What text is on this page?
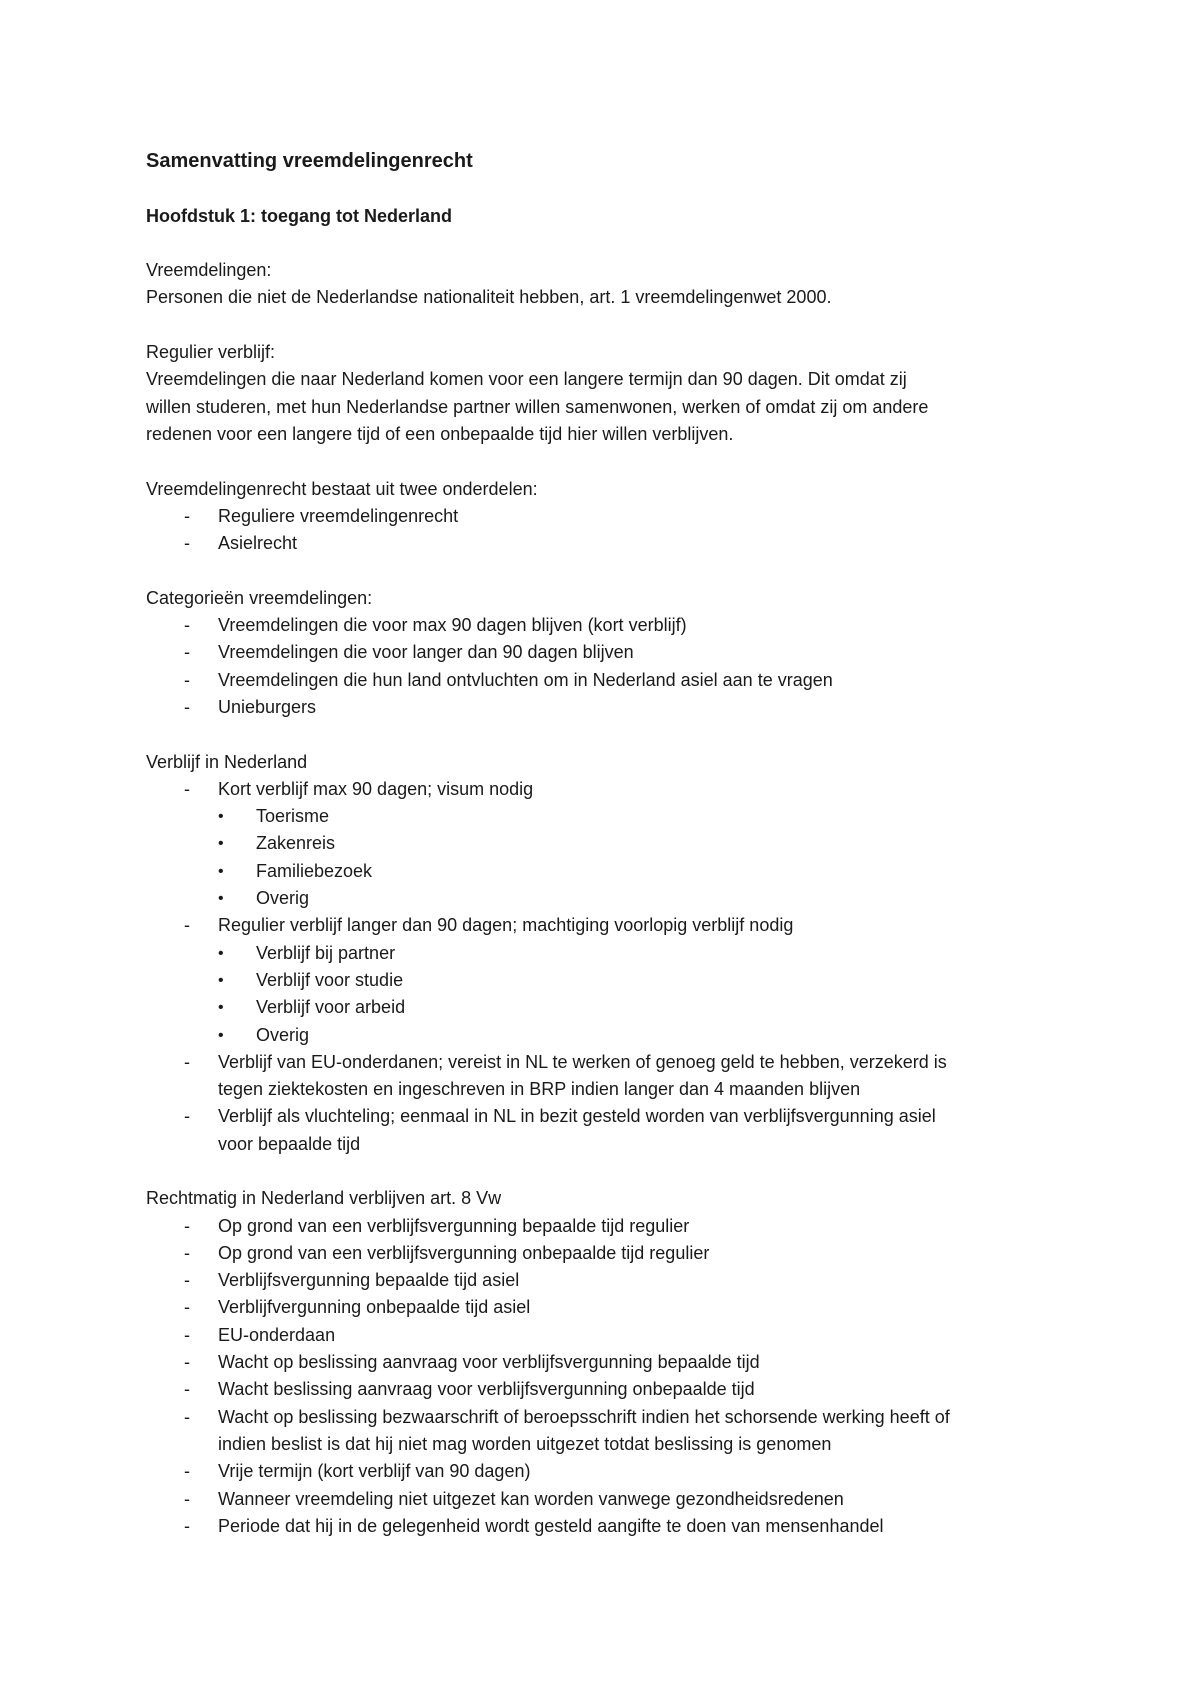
Samenvatting vreemdelingenrecht
Hoofdstuk 1: toegang tot Nederland
Vreemdelingen:
Personen die niet de Nederlandse nationaliteit hebben, art. 1 vreemdelingenwet 2000.
Regulier verblijf:
Vreemdelingen die naar Nederland komen voor een langere termijn dan 90 dagen. Dit omdat zij
willen studeren, met hun Nederlandse partner willen samenwonen, werken of omdat zij om andere
redenen voor een langere tijd of een onbepaalde tijd hier willen verblijven.
Vreemdelingenrecht bestaat uit twee onderdelen:
- Reguliere vreemdelingenrecht
- Asielrecht
Categorieën vreemdelingen:
- Vreemdelingen die voor max 90 dagen blijven (kort verblijf)
- Vreemdelingen die voor langer dan 90 dagen blijven
- Vreemdelingen die hun land ontvluchten om in Nederland asiel aan te vragen
- Unieburgers
Verblijf in Nederland
- Kort verblijf max 90 dagen; visum nodig
• Toerisme
• Zakenreis
• Familiebezoek
• Overig
- Regulier verblijf langer dan 90 dagen; machtiging voorlopig verblijf nodig
• Verblijf bij partner
• Verblijf voor studie
• Verblijf voor arbeid
• Overig
- Verblijf van EU-onderdanen; vereist in NL te werken of genoeg geld te hebben, verzekerd is
tegen ziektekosten en ingeschreven in BRP indien langer dan 4 maanden blijven
- Verblijf als vluchteling; eenmaal in NL in bezit gesteld worden van verblijfsvergunning asiel
voor bepaalde tijd
Rechtmatig in Nederland verblijven art. 8 Vw
- Op grond van een verblijfsvergunning bepaalde tijd regulier
- Op grond van een verblijfsvergunning onbepaalde tijd regulier
- Verblijfsvergunning bepaalde tijd asiel
- Verblijfvergunning onbepaalde tijd asiel
- EU-onderdaan
- Wacht op beslissing aanvraag voor verblijfsvergunning bepaalde tijd
- Wacht beslissing aanvraag voor verblijfsvergunning onbepaalde tijd
- Wacht op beslissing bezwaarschrift of beroepsschrift indien het schorsende werking heeft of
indien beslist is dat hij niet mag worden uitgezet totdat beslissing is genomen
- Vrije termijn (kort verblijf van 90 dagen)
- Wanneer vreemdeling niet uitgezet kan worden vanwege gezondheidsredenen
- Periode dat hij in de gelegenheid wordt gesteld aangifte te doen van mensenhandel
